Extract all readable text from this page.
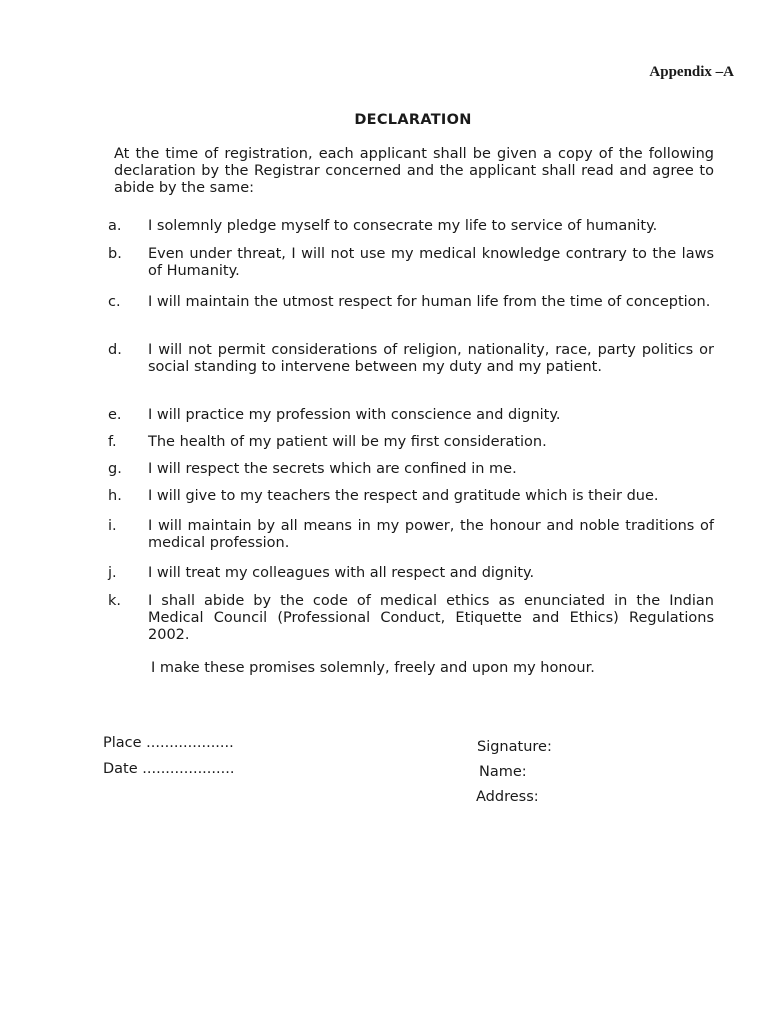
Appendix –A
DECLARATION
At the time of registration, each applicant shall be given a copy of the following declaration by the Registrar concerned and the applicant shall read and agree to abide by the same:
a.	I solemnly pledge myself to consecrate my life to service of humanity.
b.	Even under threat, I will not use my medical knowledge contrary to the laws of Humanity.
c.	I will maintain the utmost respect for human life from the time of conception.
d.	I will not permit considerations of religion, nationality, race, party politics or social standing to intervene between my duty and my patient.
e.	I will practice my profession with conscience and dignity.
f.	The health of my patient will be my first consideration.
g.	I will respect the secrets which are confined in me.
h.	I will give to my teachers the respect and gratitude which is their due.
i.	I will maintain by all means in my power, the honour and noble traditions of medical profession.
j.	I will treat my colleagues with all respect and dignity.
k.	I shall abide by the code of medical ethics as enunciated in the Indian Medical Council (Professional Conduct, Etiquette and Ethics) Regulations 2002.
I make these promises solemnly, freely and upon my honour.
Place ...................
Date ....................
Signature:
Name:
Address:
